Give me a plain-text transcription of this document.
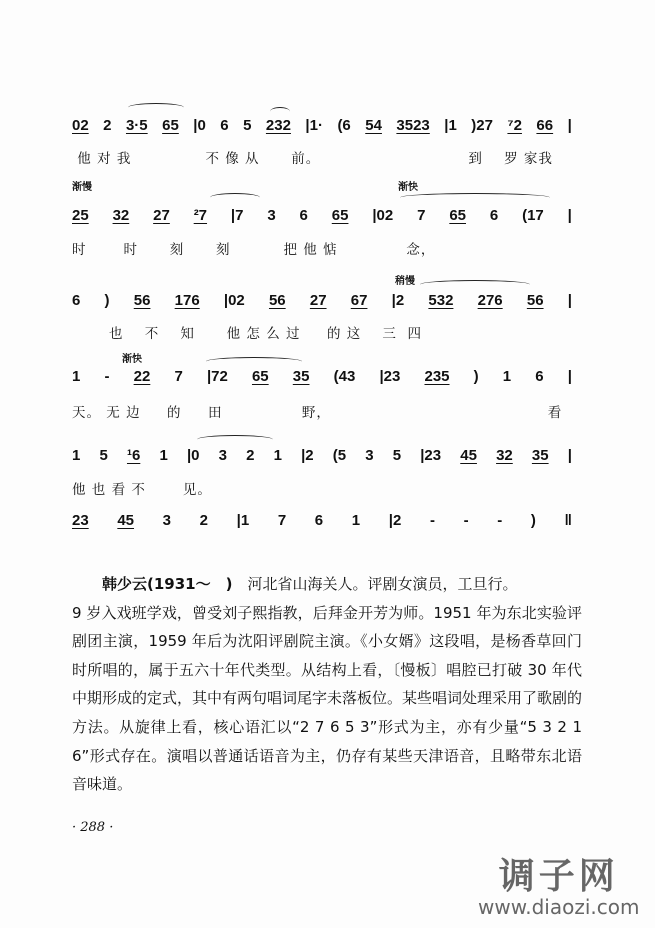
渐慢	渐快
稍慢
渐快
02 2 3·5 65 |0 6 5 232 |1· (6 54 3523 |1 )27 ⁷2 66 |
他 对 我              不 像 从      前。                            到    罗 家我
25 32 27 ²7 |7 3 6 65 |02 7 65 6 (17 |
时       时      刻      刻          把 他 惦             念，
6 ) 56 176 |02 56 27 67 |2 532 276 56 |
也    不    知      他 怎 么 过     的 这    三  四
1 - 22 7 |72 65 35 (43 |23 235 ) 1 6 |
天。 无 边     的     田               野，                                         看
1 5 ¹6 1 |0 3 2 1 |2 (5 3 5 |23 45 32 35 |
他 也 看 不       见。
23 45 3 2 |1 7 6 1 |2 - - - ) ‖

韩少云(1931～　)　 河北省山海关人。评剧女演员，工旦行。

9 岁入戏班学戏，曾受刘子熙指教，后拜金开芳为师。1951 年为东北实验评剧团主演，1959 年后为沈阳评剧院主演。《小女婿》这段唱，是杨香草回门时所唱的，属于五六十年代类型。从结构上看，〔慢板〕唱腔已打破 30 年代中期形成的定式，其中有两句唱词尾字未落板位。某些唱词处理采用了歌剧的方法。从旋律上看，核心语汇以“2 7 6 5 3”形式为主，亦有少量“5 3 2 1 6”形式存在。演唱以普通话语音为主，仍存有某些天津语音，且略带东北语音味道。

· 288 ·
调子网
www.diaozi.com
